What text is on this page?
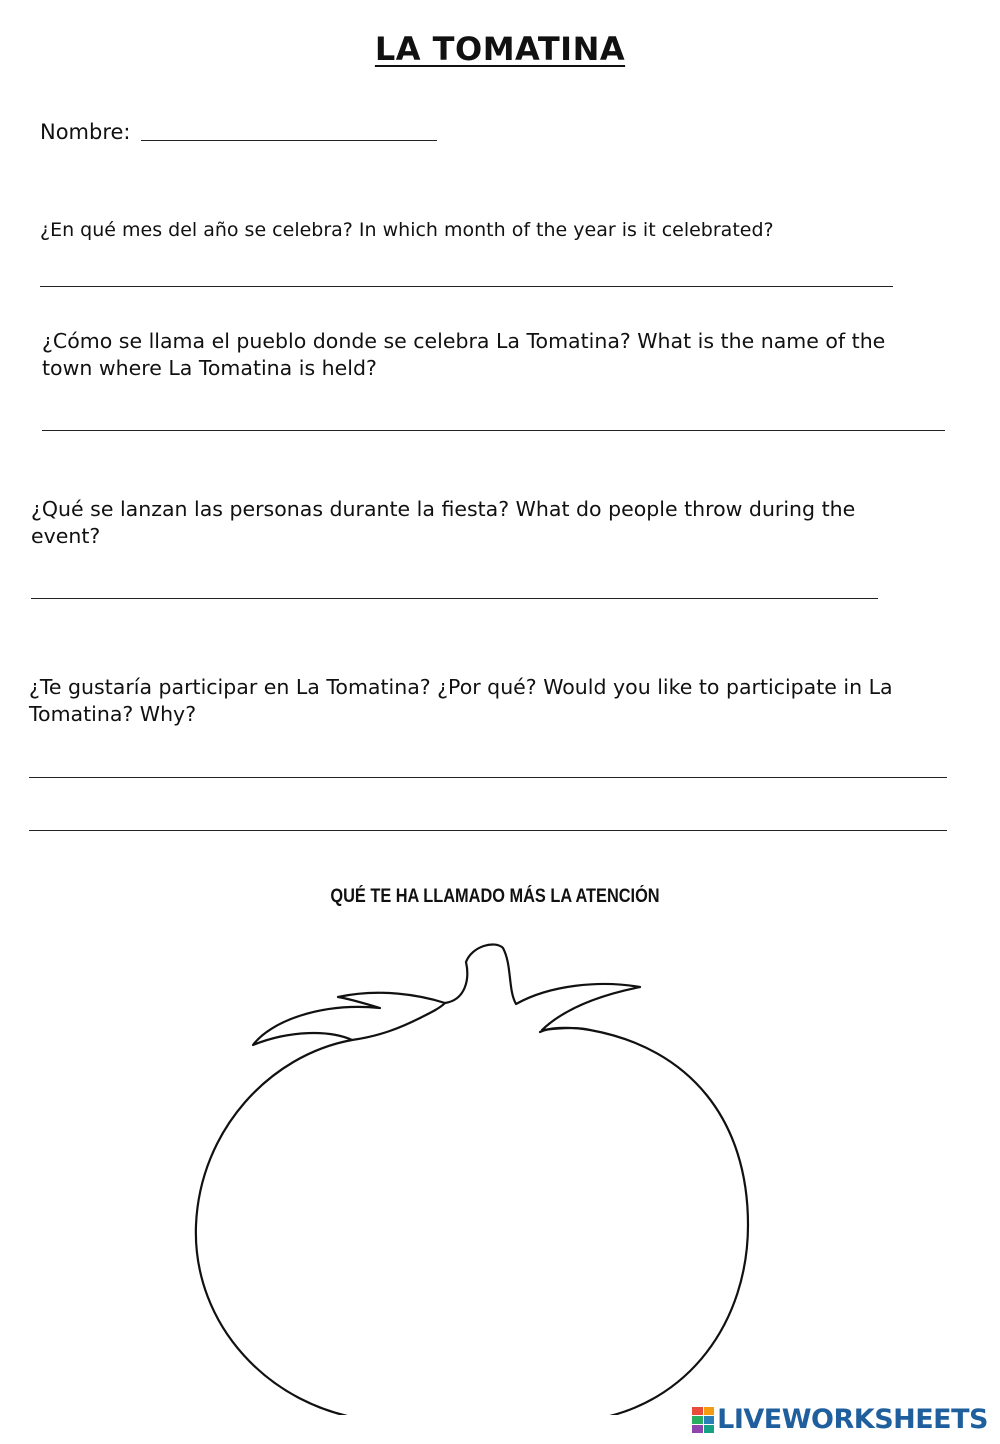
LA TOMATINA
Nombre:

¿En qué mes del año se celebra? In which month of the year is it celebrated?

¿Cómo se llama el pueblo donde se celebra La Tomatina? What is the name of the town where La Tomatina is held?

¿Qué se lanzan las personas durante la fiesta? What do people throw during the event?

¿Te gustaría participar en La Tomatina? ¿Por qué? Would you like to participate in La Tomatina? Why?

QUÉ TE HA LLAMADO MÁS LA ATENCIÓN
LIVEWORKSHEETS
